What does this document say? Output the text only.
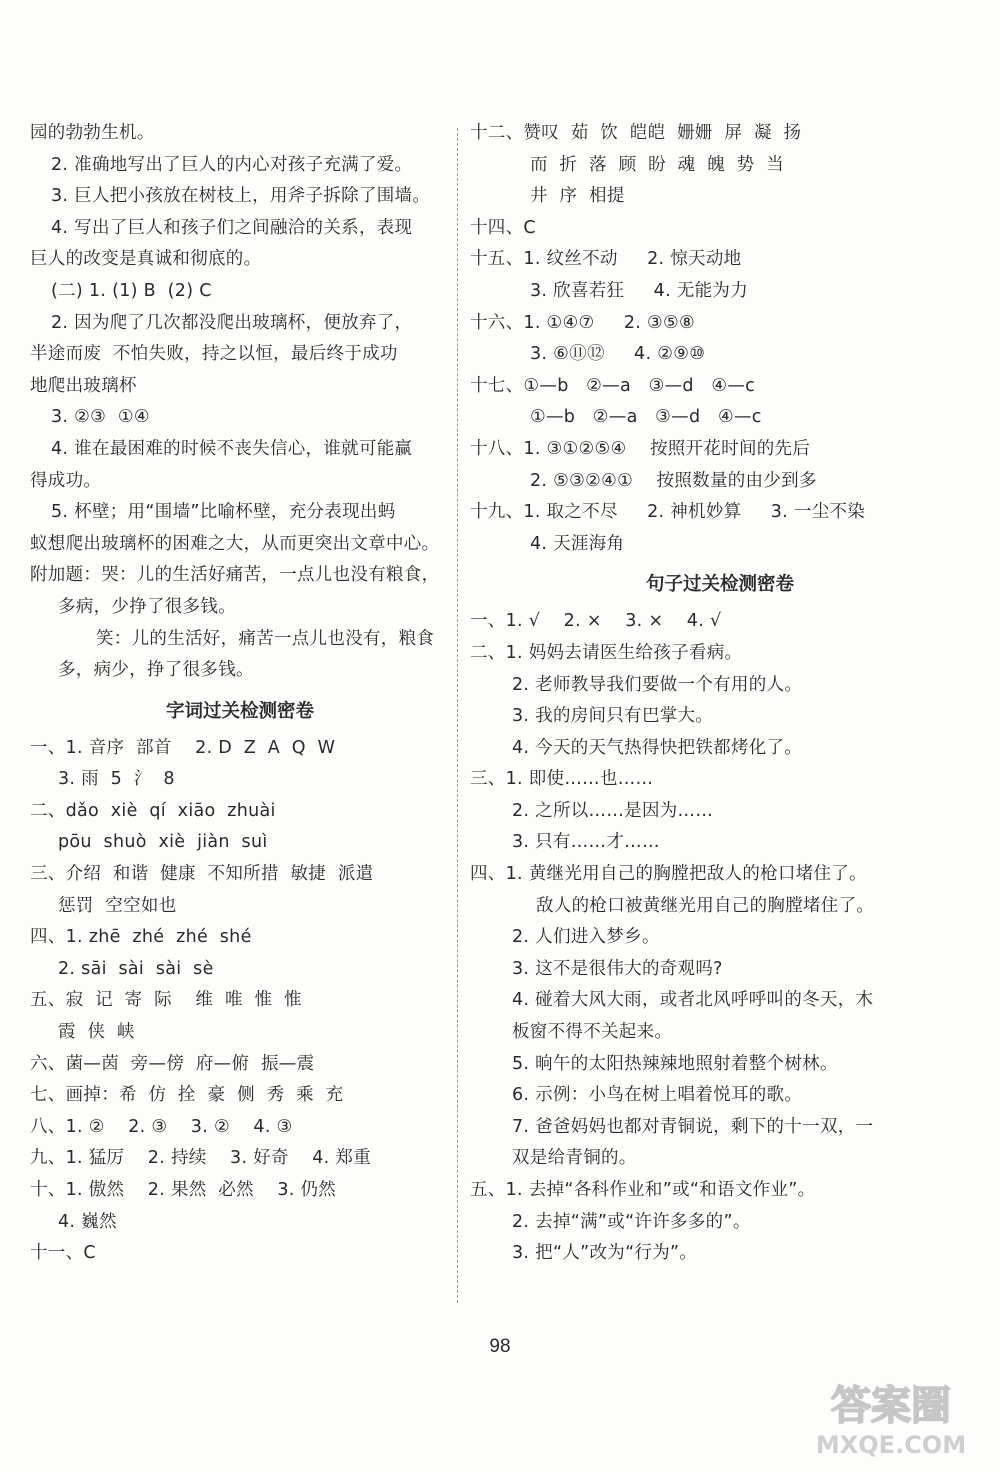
园的勃勃生机。
2. 准确地写出了巨人的内心对孩子充满了爱。
3. 巨人把小孩放在树枝上，用斧子拆除了围墙。
4. 写出了巨人和孩子们之间融洽的关系，表现
巨人的改变是真诚和彻底的。
(二) 1. (1) B  (2) C
2. 因为爬了几次都没爬出玻璃杯，便放弃了，
半途而废  不怕失败，持之以恒，最后终于成功
地爬出玻璃杯
3. ②③  ①④
4. 谁在最困难的时候不丧失信心，谁就可能赢
得成功。
5. 杯壁；用“围墙”比喻杯壁，充分表现出蚂
蚁想爬出玻璃杯的困难之大，从而更突出文章中心。
附加题：哭：儿的生活好痛苦，一点儿也没有粮食，
多病，少挣了很多钱。
笑：儿的生活好，痛苦一点儿也没有，粮食
多，病少，挣了很多钱。
字词过关检测密卷
一、1. 音序  部首    2. D  Z  A  Q  W
3. 雨  5  氵  8
二、dǎo  xiè  qí  xiāo  zhuài
pōu  shuò  xiè  jiàn  suì
三、介绍  和谐  健康  不知所措  敏捷  派遣
惩罚  空空如也
四、1. zhē  zhé  zhé  shé
2. sāi  sài  sài  sè
五、寂  记  寄  际    维  唯  惟  惟
霞  侠  峡
六、菌—茵  旁—傍  府—俯  振—震
七、画掉：希  仿  拴  豪  侧  秀  乘  充
八、1. ②    2. ③    3. ②    4. ③
九、1. 猛厉    2. 持续    3. 好奇    4. 郑重
十、1. 傲然    2. 果然  必然    3. 仍然
4. 巍然
十一、C
十二、赞叹  茹  饮  皑皑  姗姗  屏  凝  扬
而  折  落  顾  盼  魂  魄  势  当
井  序  相提
十四、C
十五、1. 纹丝不动     2. 惊天动地
3. 欣喜若狂     4. 无能为力
十六、1. ①④⑦     2. ③⑤⑧
3. ⑥⑪⑫     4. ②⑨⑩
十七、①—b   ②—a   ③—d   ④—c
①—b   ②—a   ③—d   ④—c
十八、1. ③①②⑤④    按照开花时间的先后
2. ⑤③②④①    按照数量的由少到多
十九、1. 取之不尽     2. 神机妙算     3. 一尘不染
4. 天涯海角
句子过关检测密卷
一、1. √    2. ×    3. ×    4. √
二、1. 妈妈去请医生给孩子看病。
2. 老师教导我们要做一个有用的人。
3. 我的房间只有巴掌大。
4. 今天的天气热得快把铁都烤化了。
三、1. 即使……也……
2. 之所以……是因为……
3. 只有……才……
四、1. 黄继光用自己的胸膛把敌人的枪口堵住了。
敌人的枪口被黄继光用自己的胸膛堵住了。
2. 人们进入梦乡。
3. 这不是很伟大的奇观吗?
4. 碰着大风大雨，或者北风呼呼叫的冬天，木
板窗不得不关起来。
5. 晌午的太阳热辣辣地照射着整个树林。
6. 示例：小鸟在树上唱着悦耳的歌。
7. 爸爸妈妈也都对青铜说，剩下的十一双，一
双是给青铜的。
五、1. 去掉“各科作业和”或“和语文作业”。
2. 去掉“满”或“许许多多的”。
3. 把“人”改为“行为”。
98
答案圈
MXQE.COM
